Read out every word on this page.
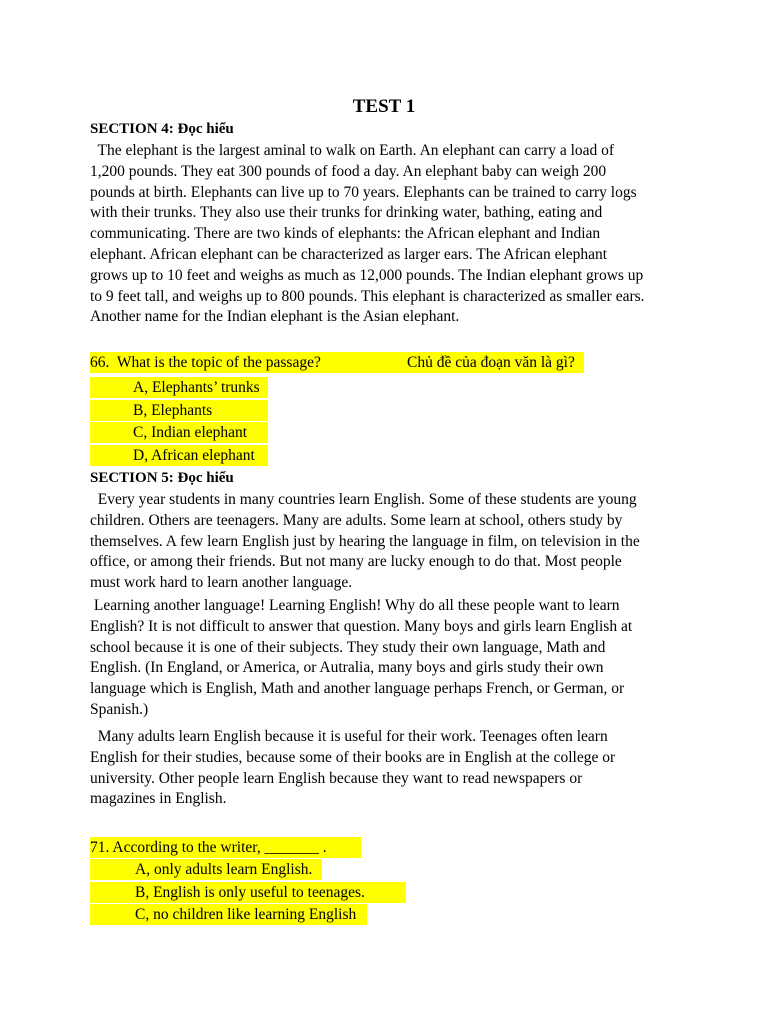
TEST 1
SECTION 4: Đọc hiểu
The elephant is the largest aminal to walk on Earth. An elephant can carry a load of
1,200 pounds. They eat 300 pounds of food a day. An elephant baby can weigh 200
pounds at birth. Elephants can live up to 70 years. Elephants can be trained to carry logs
with their trunks. They also use their trunks for drinking water, bathing, eating and
communicating. There are two kinds of elephants: the African elephant and Indian
elephant. African elephant can be characterized as larger ears. The African elephant
grows up to 10 feet and weighs as much as 12,000 pounds. The Indian elephant grows up
to 9 feet tall, and weighs up to 800 pounds. This elephant is characterized as smaller ears.
Another name for the Indian elephant is the Asian elephant.
66.  What is the topic of the passage?	Chủ đề của đoạn văn là gì?
A, Elephants’ trunks
B, Elephants
C, Indian elephant
D, African elephant
SECTION 5: Đọc hiểu
Every year students in many countries learn English. Some of these students are young
children. Others are teenagers. Many are adults. Some learn at school, others study by
themselves. A few learn English just by hearing the language in film, on television in the
office, or among their friends. But not many are lucky enough to do that. Most people
must work hard to learn another language.
Learning another language! Learning English! Why do all these people want to learn
English? It is not difficult to answer that question. Many boys and girls learn English at
school because it is one of their subjects. They study their own language, Math and
English. (In England, or America, or Autralia, many boys and girls study their own
language which is English, Math and another language perhaps French, or German, or
Spanish.)
Many adults learn English because it is useful for their work. Teenages often learn
English for their studies, because some of their books are in English at the college or
university. Other people learn English because they want to read newspapers or
magazines in English.
71. According to the writer, _______ .
A, only adults learn English.
B, English is only useful to teenages.
C, no children like learning English
